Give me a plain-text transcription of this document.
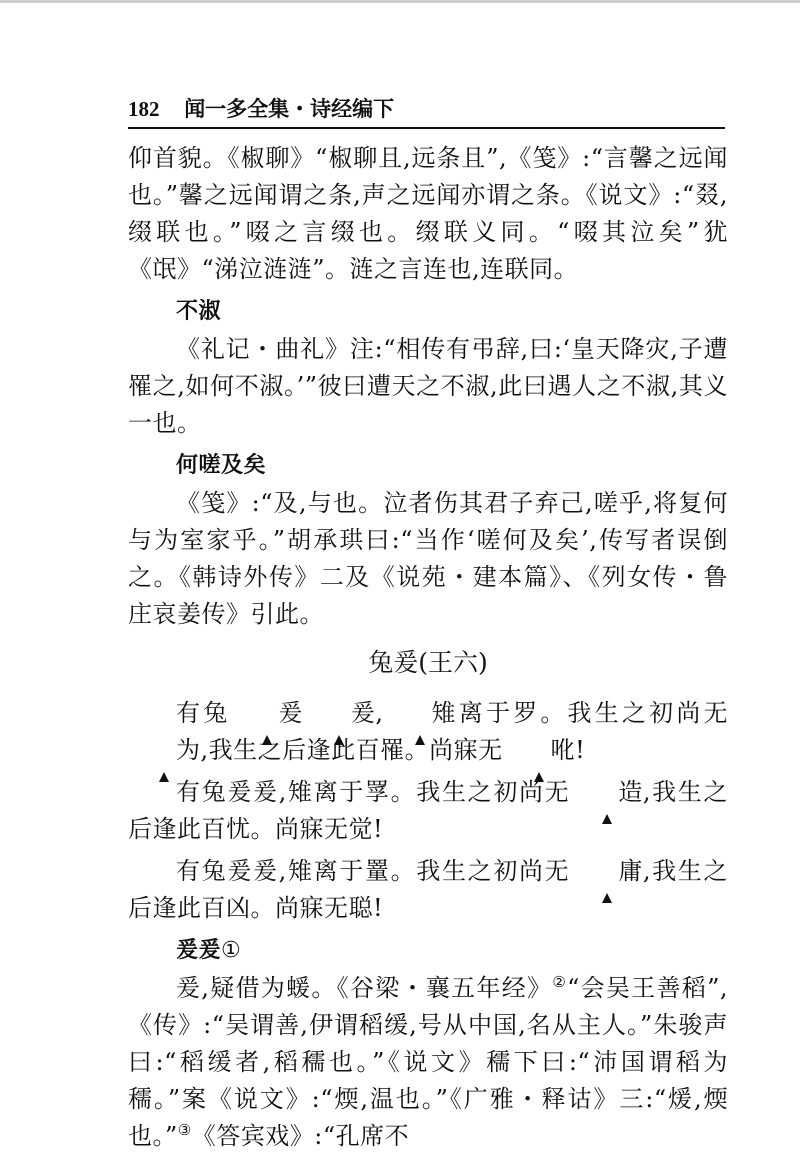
182 闻一多全集・诗经编下

仰首貌。《椒聊》“椒聊且,远条且”,《笺》:“言馨之远闻也。”馨之远闻谓之条,声之远闻亦谓之条。《说文》:“叕,缀联也。”啜之言缀也。缀联义同。“啜其泣矣”犹《氓》“涕泣涟涟”。涟之言连也,连联同。

不淑

《礼记・曲礼》注:“相传有弔辞,曰:‘皇天降灾,子遭罹之,如何不淑。’”彼曰遭天之不淑,此曰遇人之不淑,其义一也。

何嗟及矣

《笺》:“及,与也。泣者伤其君子弃己,嗟乎,将复何与为室家乎。”胡承珙曰:“当作‘嗟何及矣’,传写者误倒之。《韩诗外传》二及《说苑・建本篇》、《列女传・鲁庄哀姜传》引此。

兔爰(王六)

有兔 爰 爰
, 雉
离于罗。我生之初尚无为
,我生之后逢此百罹。尚寐无 吪
!

有兔爰爰,雉离于罦。我生之初尚无 造
,我生之后逢此百忧。尚寐无觉!

有兔爰爰,雉离于罿。我生之初尚无 庸
,我生之后逢此百凶。尚寐无聪!

爰爰①

爰,疑借为蝯。《谷梁・襄五年经》②“会吴王善稻”,《传》:“吴谓善,伊谓稻缓,号从中国,名从主人。”朱骏声曰:“稻缓者,稻穤也。”《说文》穤下曰:“沛国谓稻为穤。”案《说文》:“煗,温也。”《广雅・释诂》三:“煖,煗也。”③《答宾戏》:“孔席不
